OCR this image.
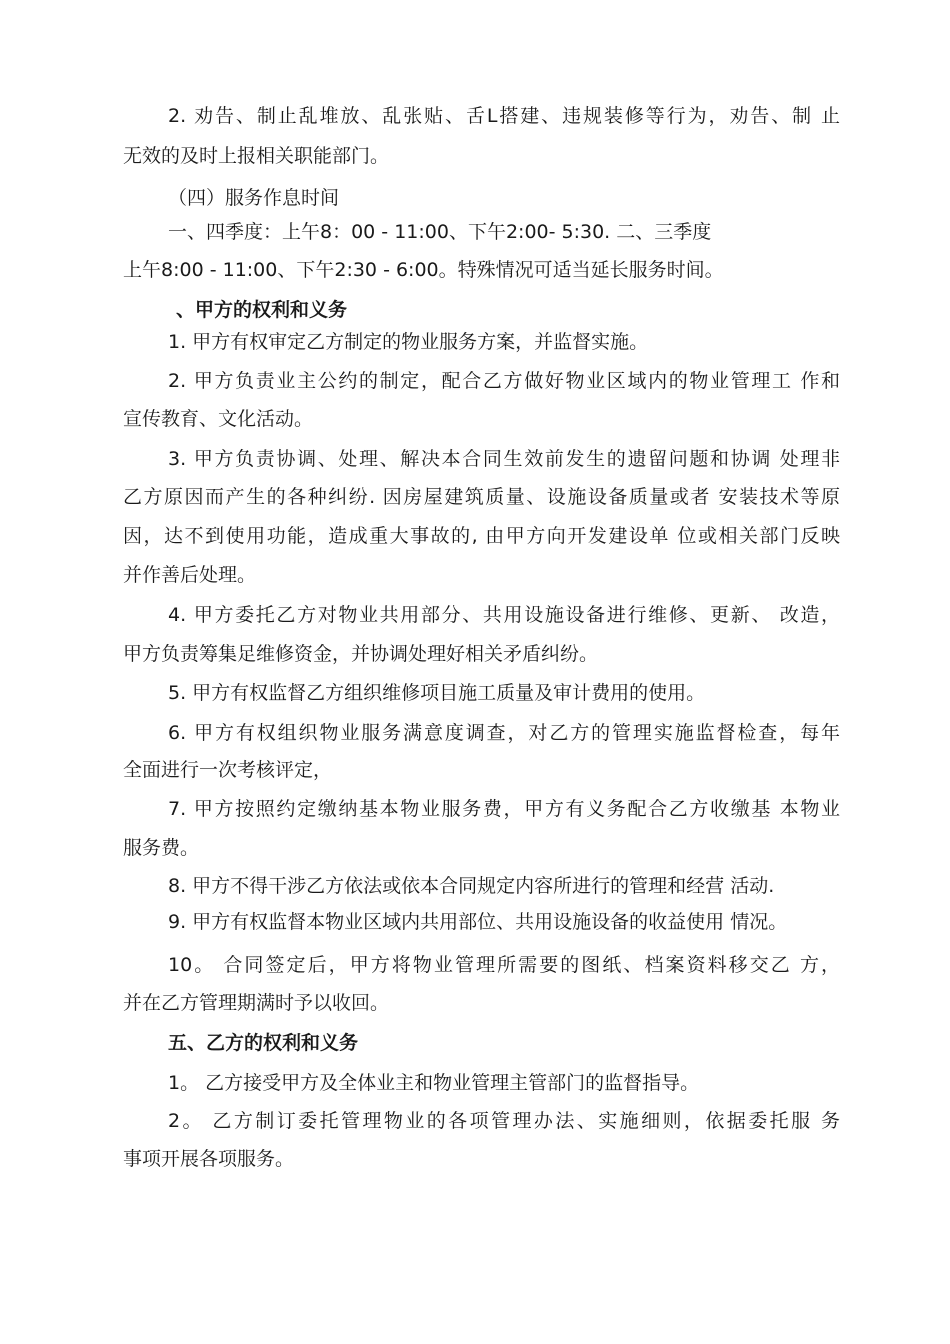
2. 劝告、制止乱堆放、乱张贴、舌L搭建、违规装修等行为，劝告、制 止
无效的及时上报相关职能部门。
（四）服务作息时间
一、四季度：上午8：00 - 11:00、下午2:00- 5:30. 二、三季度
上午8:00 - 11:00、下午2:30 - 6:00。特殊情况可适当延长服务时间。
、甲方的权利和义务
1. 甲方有权审定乙方制定的物业服务方案，并监督实施。
2. 甲方负责业主公约的制定，配合乙方做好物业区域内的物业管理工 作和
宣传教育、文化活动。
3. 甲方负责协调、处理、解决本合同生效前发生的遗留问题和协调 处理非
乙方原因而产生的各种纠纷. 因房屋建筑质量、设施设备质量或者 安装技术等原
因，达不到使用功能，造成重大事故的, 由甲方向开发建设单 位或相关部门反映
并作善后处理。
4. 甲方委托乙方对物业共用部分、共用设施设备进行维修、更新、 改造，
甲方负责筹集足维修资金，并协调处理好相关矛盾纠纷。
5. 甲方有权监督乙方组织维修项目施工质量及审计费用的使用。
6. 甲方有权组织物业服务满意度调查，对乙方的管理实施监督检查，每年
全面进行一次考核评定，
7. 甲方按照约定缴纳基本物业服务费，甲方有义务配合乙方收缴基 本物业
服务费。
8. 甲方不得干涉乙方依法或依本合同规定内容所进行的管理和经营 活动.
9. 甲方有权监督本物业区域内共用部位、共用设施设备的收益使用 情况。
10。 合同签定后，甲方将物业管理所需要的图纸、档案资料移交乙 方，
并在乙方管理期满时予以收回。
五、乙方的权利和义务
1。 乙方接受甲方及全体业主和物业管理主管部门的监督指导。
2。 乙方制订委托管理物业的各项管理办法、实施细则，依据委托服 务
事项开展各项服务。
